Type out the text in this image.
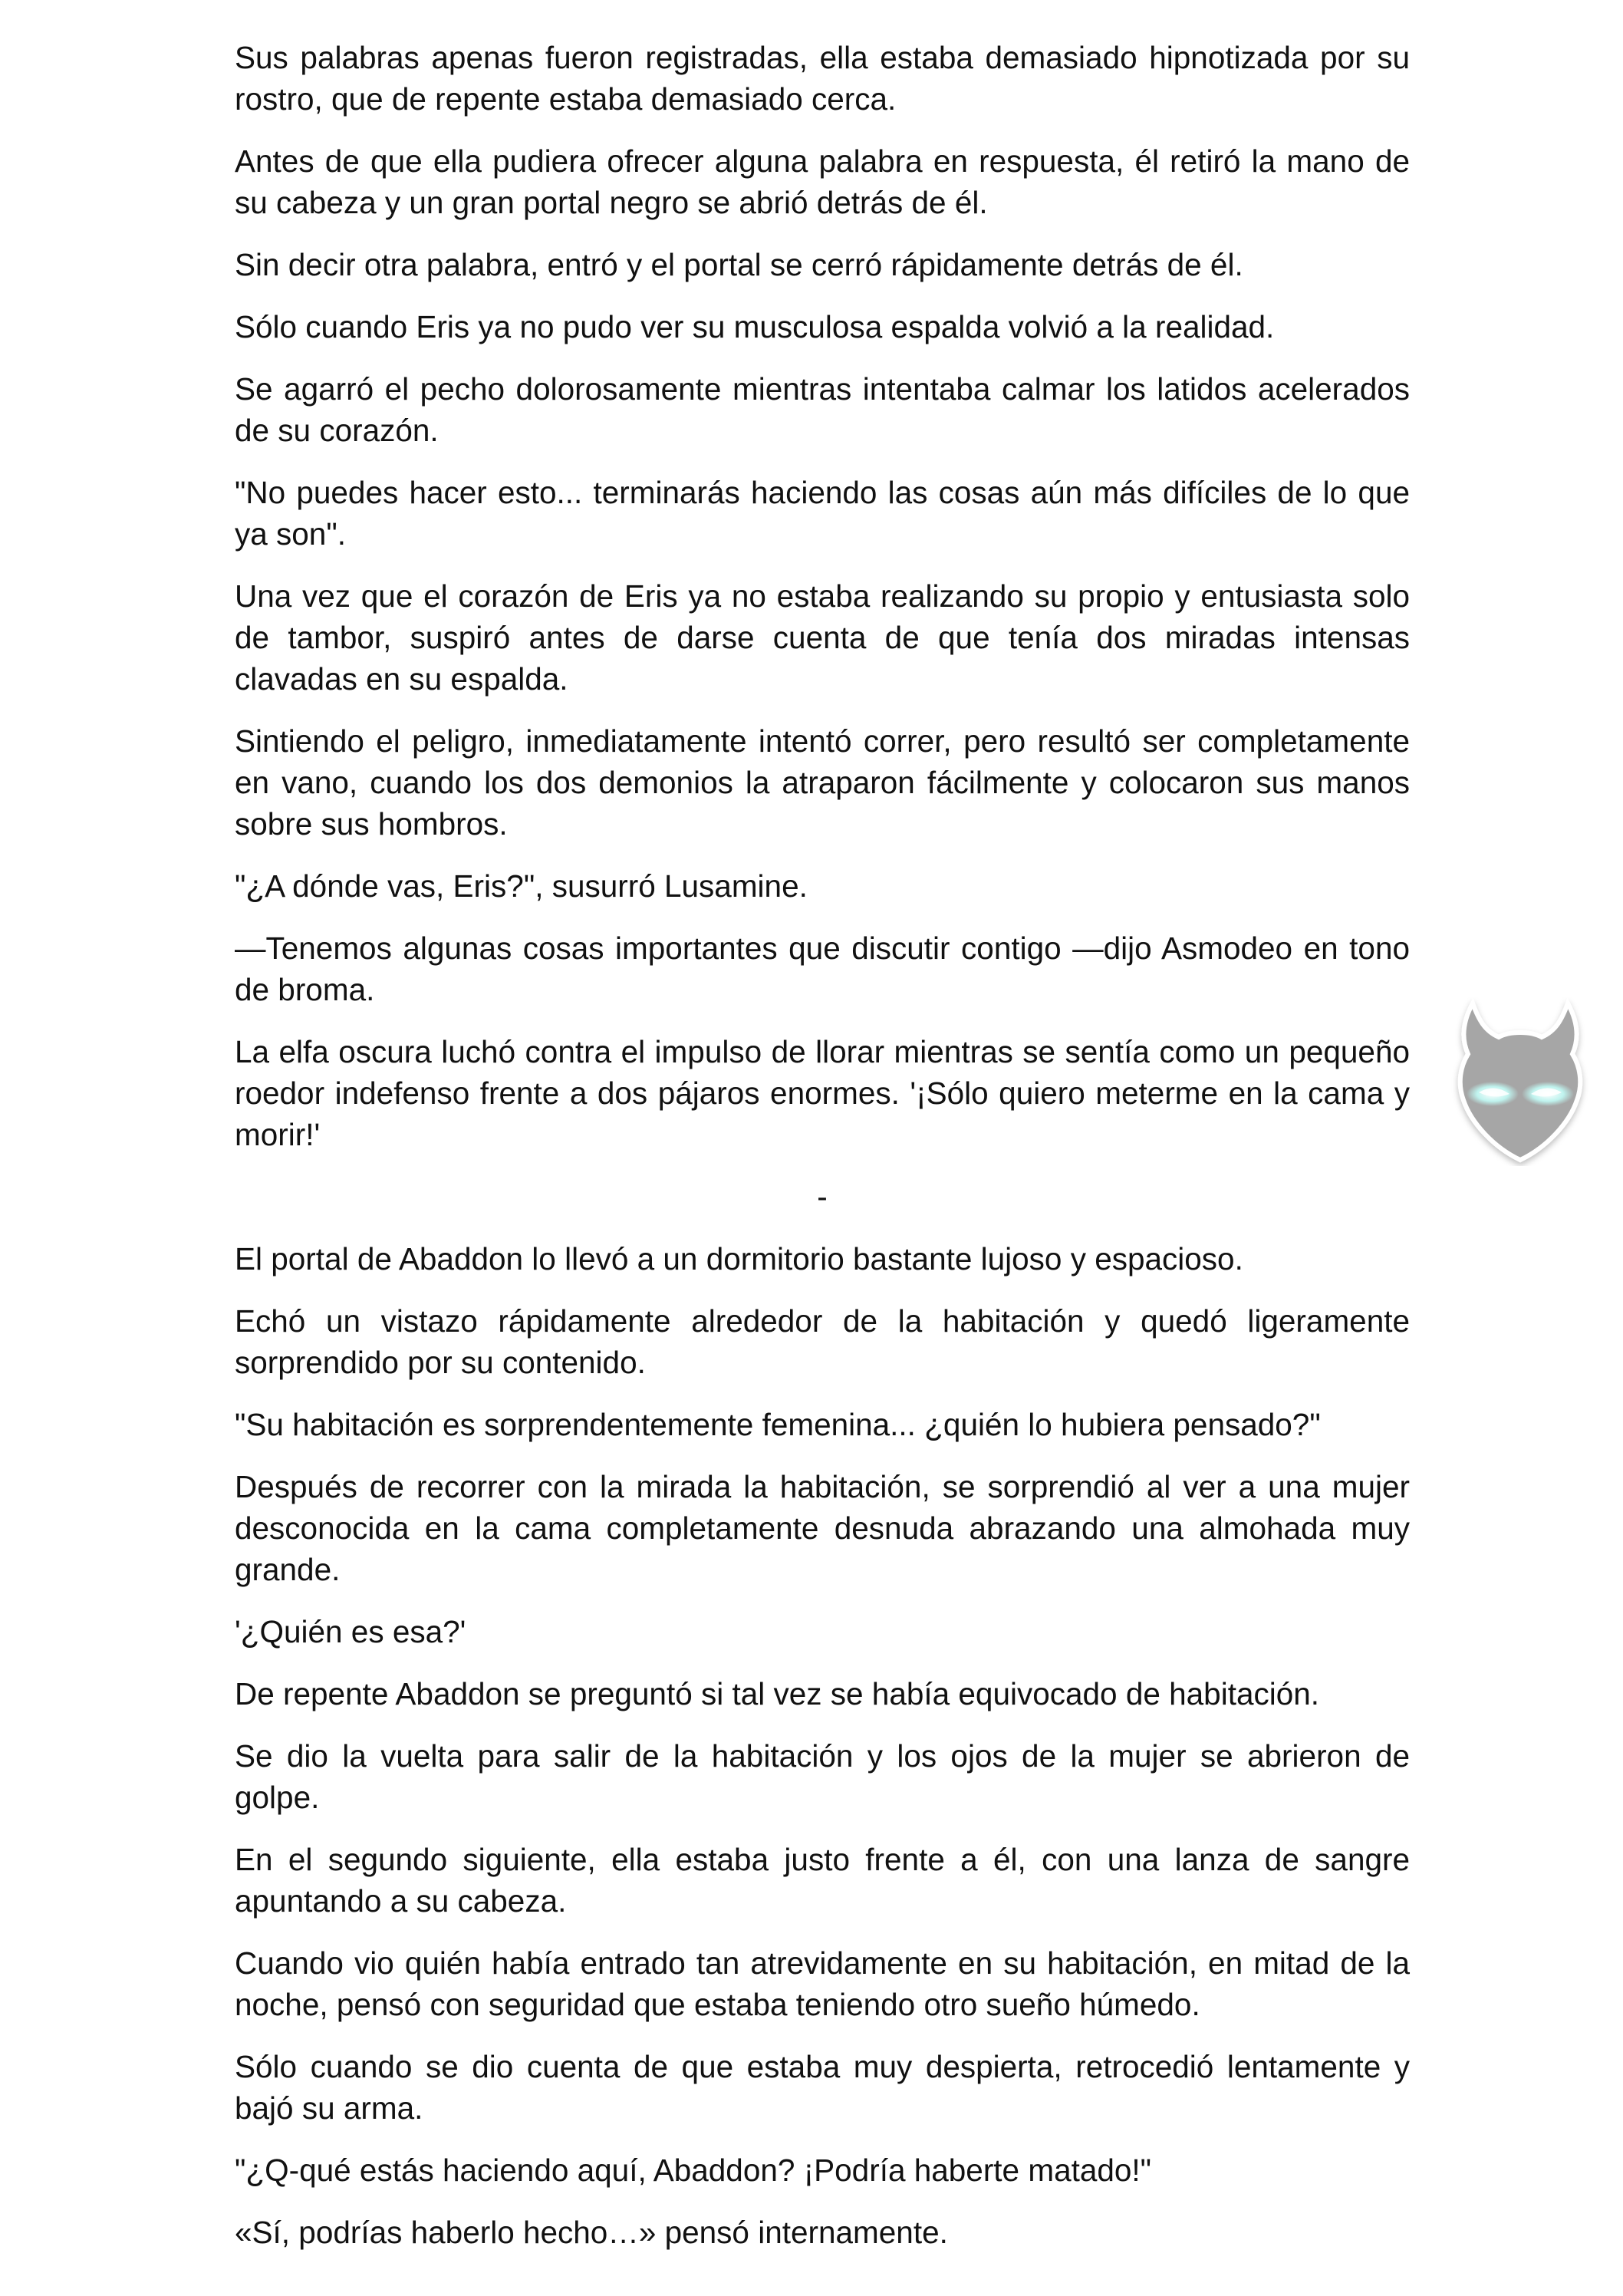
Sus palabras apenas fueron registradas, ella estaba demasiado hipnotizada por su rostro, que de repente estaba demasiado cerca.

Antes de que ella pudiera ofrecer alguna palabra en respuesta, él retiró la mano de su cabeza y un gran portal negro se abrió detrás de él.

Sin decir otra palabra, entró y el portal se cerró rápidamente detrás de él.

Sólo cuando Eris ya no pudo ver su musculosa espalda volvió a la realidad.

Se agarró el pecho dolorosamente mientras intentaba calmar los latidos acelerados de su corazón.

"No puedes hacer esto... terminarás haciendo las cosas aún más difíciles de lo que ya son".

Una vez que el corazón de Eris ya no estaba realizando su propio y entusiasta solo de tambor, suspiró antes de darse cuenta de que tenía dos miradas intensas clavadas en su espalda.

Sintiendo el peligro, inmediatamente intentó correr, pero resultó ser completamente en vano, cuando los dos demonios la atraparon fácilmente y colocaron sus manos sobre sus hombros.

"¿A dónde vas, Eris?", susurró Lusamine.

—Tenemos algunas cosas importantes que discutir contigo —dijo Asmodeo en tono de broma.

La elfa oscura luchó contra el impulso de llorar mientras se sentía como un pequeño roedor indefenso frente a dos pájaros enormes. '¡Sólo quiero meterme en la cama y morir!'

-

El portal de Abaddon lo llevó a un dormitorio bastante lujoso y espacioso.

Echó un vistazo rápidamente alrededor de la habitación y quedó ligeramente sorprendido por su contenido.

"Su habitación es sorprendentemente femenina... ¿quién lo hubiera pensado?"

Después de recorrer con la mirada la habitación, se sorprendió al ver a una mujer desconocida en la cama completamente desnuda abrazando una almohada muy grande.

'¿Quién es esa?'

De repente Abaddon se preguntó si tal vez se había equivocado de habitación.

Se dio la vuelta para salir de la habitación y los ojos de la mujer se abrieron de golpe.

En el segundo siguiente, ella estaba justo frente a él, con una lanza de sangre apuntando a su cabeza.

Cuando vio quién había entrado tan atrevidamente en su habitación, en mitad de la noche, pensó con seguridad que estaba teniendo otro sueño húmedo.

Sólo cuando se dio cuenta de que estaba muy despierta, retrocedió lentamente y bajó su arma.

"¿Q-qué estás haciendo aquí, Abaddon? ¡Podría haberte matado!"

«Sí, podrías haberlo hecho…» pensó internamente.
